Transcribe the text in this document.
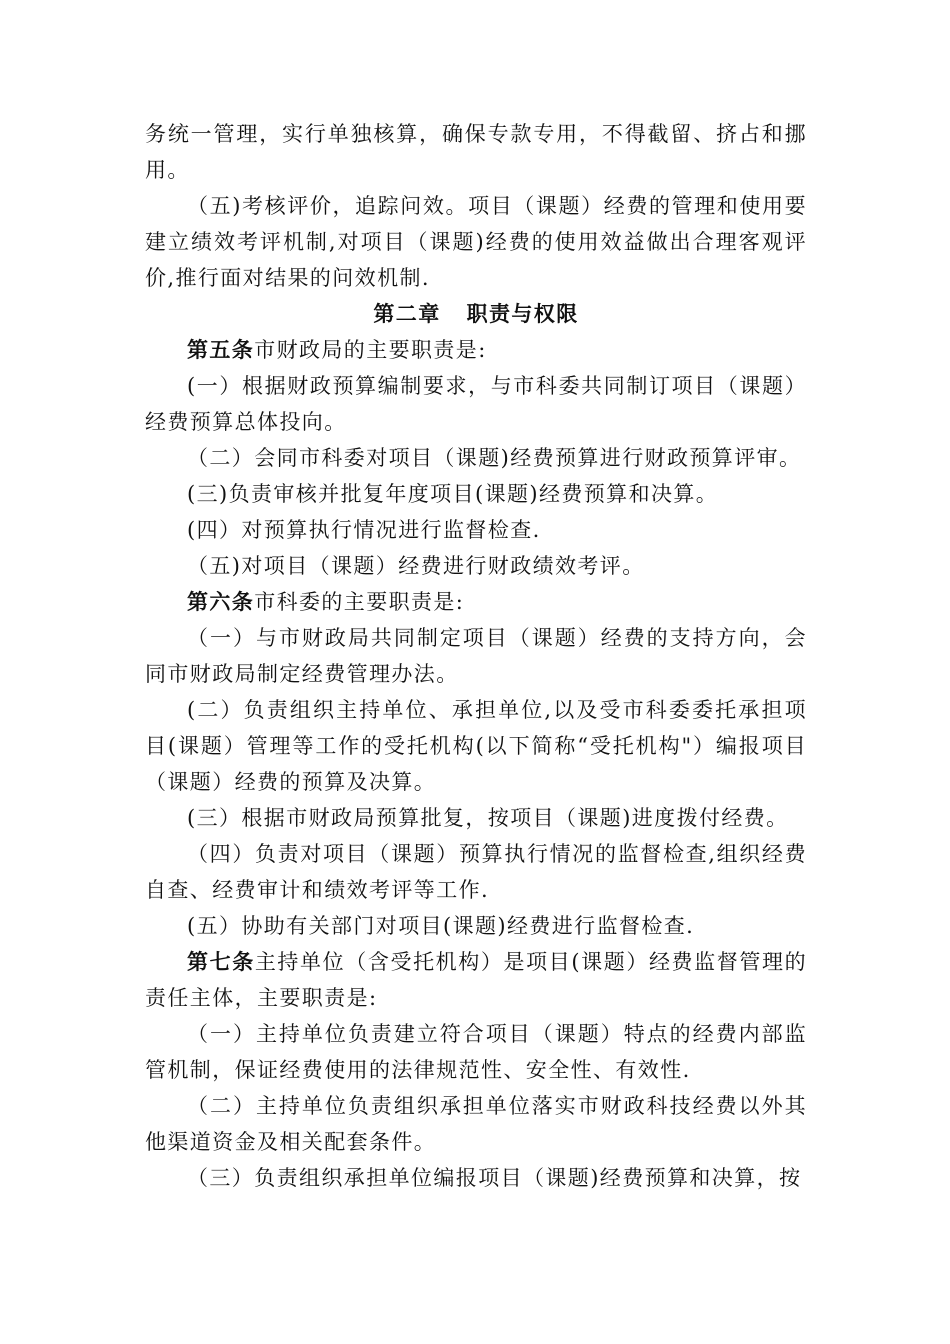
务统一管理，实行单独核算，确保专款专用，不得截留、挤占和挪用。

（五)考核评价，追踪问效。项目（课题）经费的管理和使用要建立绩效考评机制,对项目（课题)经费的使用效益做出合理客观评价,推行面对结果的问效机制.

第二章 职责与权限

第五条市财政局的主要职责是:

(一）根据财政预算编制要求，与市科委共同制订项目（课题）经费预算总体投向。

（二）会同市科委对项目（课题)经费预算进行财政预算评审。

(三)负责审核并批复年度项目(课题)经费预算和决算。

(四）对预算执行情况进行监督检查.

（五)对项目（课题）经费进行财政绩效考评。

第六条市科委的主要职责是:

（一）与市财政局共同制定项目（课题）经费的支持方向，会同市财政局制定经费管理办法。

(二）负责组织主持单位、承担单位,以及受市科委委托承担项目(课题）管理等工作的受托机构(以下简称“受托机构"）编报项目（课题）经费的预算及决算。

(三）根据市财政局预算批复，按项目（课题)进度拨付经费。

（四）负责对项目（课题）预算执行情况的监督检查,组织经费自查、经费审计和绩效考评等工作.

(五）协助有关部门对项目(课题)经费进行监督检查.

第七条主持单位（含受托机构）是项目(课题）经费监督管理的责任主体，主要职责是:

（一）主持单位负责建立符合项目（课题）特点的经费内部监管机制，保证经费使用的法律规范性、安全性、有效性.

（二）主持单位负责组织承担单位落实市财政科技经费以外其他渠道资金及相关配套条件。

（三）负责组织承担单位编报项目（课题)经费预算和决算，按
